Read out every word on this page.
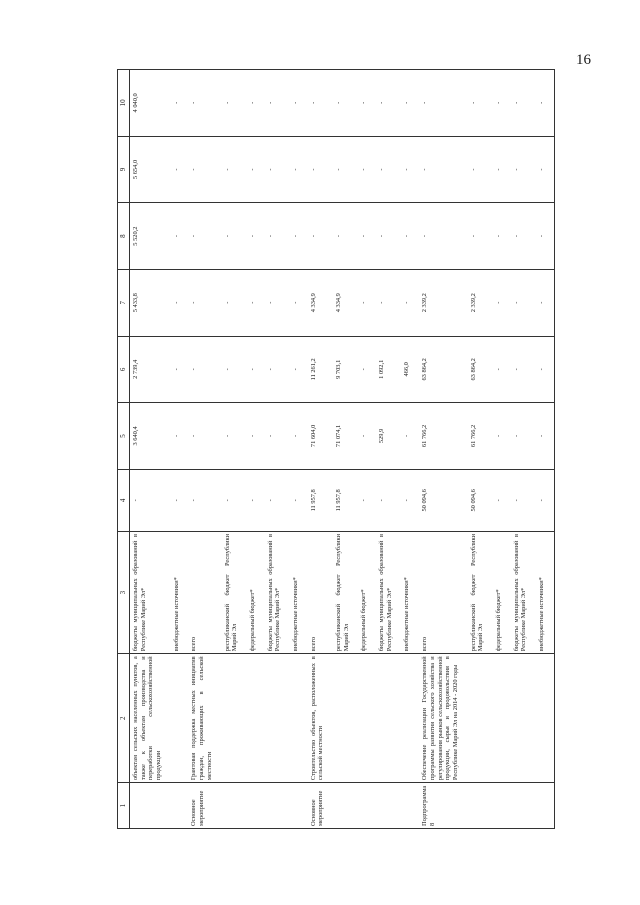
16
1	2	3	4	5	6	7	8	9	10
	объектам сельских населенных пунктов, а также к объектам производства и переработки сельскохозяйственной продукции	бюджеты муниципальных образований в Республике Марий Эл*	-	3 640,4	2 739,4	5 433,8	5 520,2	5 654,0	4 040,0
		внебюджетные источники*	-	-	-	-	-	-	-
Основное мероприятие	Грантовая поддержка местных инициатив граждан, проживающих в сельской местности	всего	-	-	-	-	-	-	-
		республиканский бюджет Республики Марий Эл	-	-	-	-	-	-	-
		федеральный бюджет*	-	-	-	-	-	-	-
		бюджеты муниципальных образований в Республике Марий Эл*	-	-	-	-	-	-	-
		внебюджетные источники*	-	-	-	-	-	-	-
Основное мероприятие	Строительство объектов, расположенных в сельской местности	всего	11 957,8	71 604,0	11 261,2	4 334,9	-	-	-
		республиканский бюджет Республики Марий Эл	11 957,8	71 074,1	9 703,1	4 334,9	-	-	-
		федеральный бюджет*	-	-	-	-	-	-	-
		бюджеты муниципальных образований в Республике Марий Эл*	-	529,9	1 092,1	-	-	-	-
		внебюджетные источники*	-	-	466,0	-	-	-	-
Подпрограмма 8	Обеспечение реализации Государственной программы развития сельского хозяйства и регулирования рынков сельскохозяйственной продукции, сырья и продовольствия в Республике Марий Эл на 2014 - 2020 годы	всего	50 094,6	61 766,2	63 864,2	2 339,2	-	-	-
		республиканский бюджет Республики Марий Эл	50 094,6	61 766,2	63 864,2	2 339,2	-	-	-
		федеральный бюджет*	-	-	-	-	-	-	-
		бюджеты муниципальных образований в Республике Марий Эл*	-	-	-	-	-	-	-
		внебюджетные источники*	-	-	-	-	-	-	-
